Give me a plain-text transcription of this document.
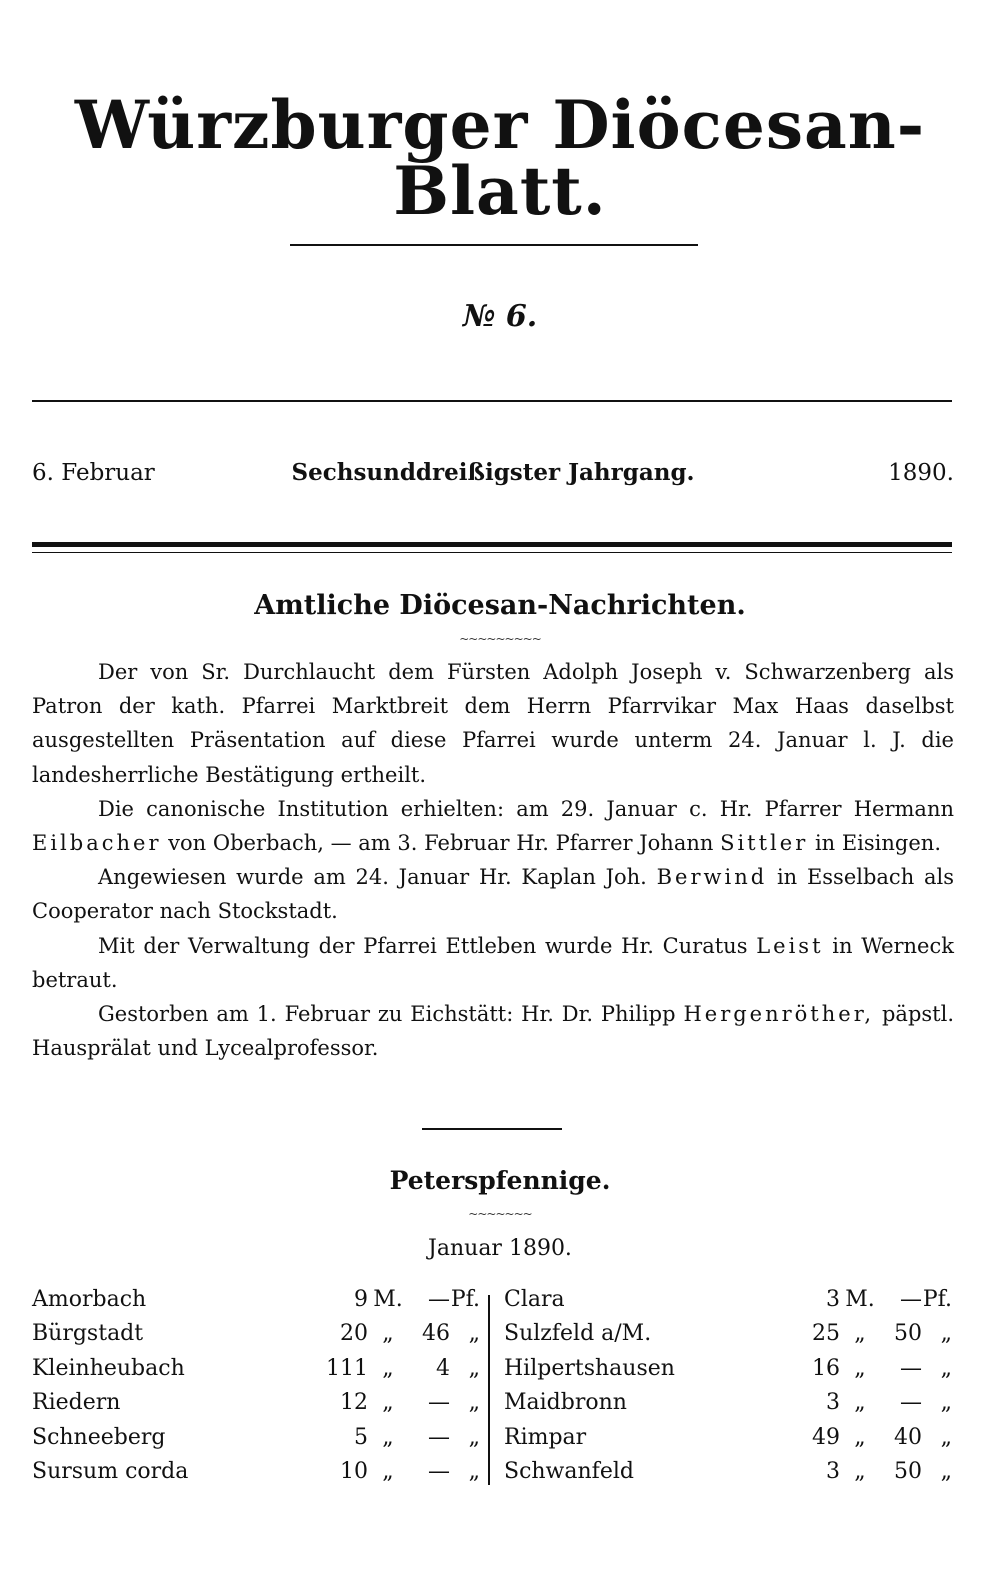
Würzburger Diöcesan-Blatt.
№ 6.
6. Februar	Sechsunddreißigster Jahrgang.	1890.
Amtliche Diöcesan-Nachrichten.
~~~~~~~~~

Der von Sr. Durchlaucht dem Fürsten Adolph Joseph v. Schwarzenberg als Patron der kath. Pfarrei Marktbreit dem Herrn Pfarrvikar Max Haas daselbst ausgestellten Präsentation auf diese Pfarrei wurde unterm 24. Januar l. J. die landesherrliche Bestätigung ertheilt.

Die canonische Institution erhielten: am 29. Januar c. Hr. Pfarrer Hermann Eilbacher von Oberbach, — am 3. Februar Hr. Pfarrer Johann Sittler in Eisingen.

Angewiesen wurde am 24. Januar Hr. Kaplan Joh. Berwind in Esselbach als Cooperator nach Stockstadt.

Mit der Verwaltung der Pfarrei Ettleben wurde Hr. Curatus Leist in Werneck betraut.

Gestorben am 1. Februar zu Eichstätt: Hr. Dr. Philipp Hergenröther, päpstl. Hausprälat und Lycealprofessor.

Peterspfennige.
~~~~~~~
Januar 1890.
Amorbach	9 M.	— Pf.
Bürgstadt	20 „	46 „
Kleinheubach	111 „	4 „
Riedern	12 „	— „
Schneeberg	5 „	— „
Sursum corda	10 „	— „
Clara	3 M.	— Pf.
Sulzfeld a/M.	25 „	50 „
Hilpertshausen	16 „	— „
Maidbronn	3 „	— „
Rimpar	49 „	40 „
Schwanfeld	3 „	50 „
